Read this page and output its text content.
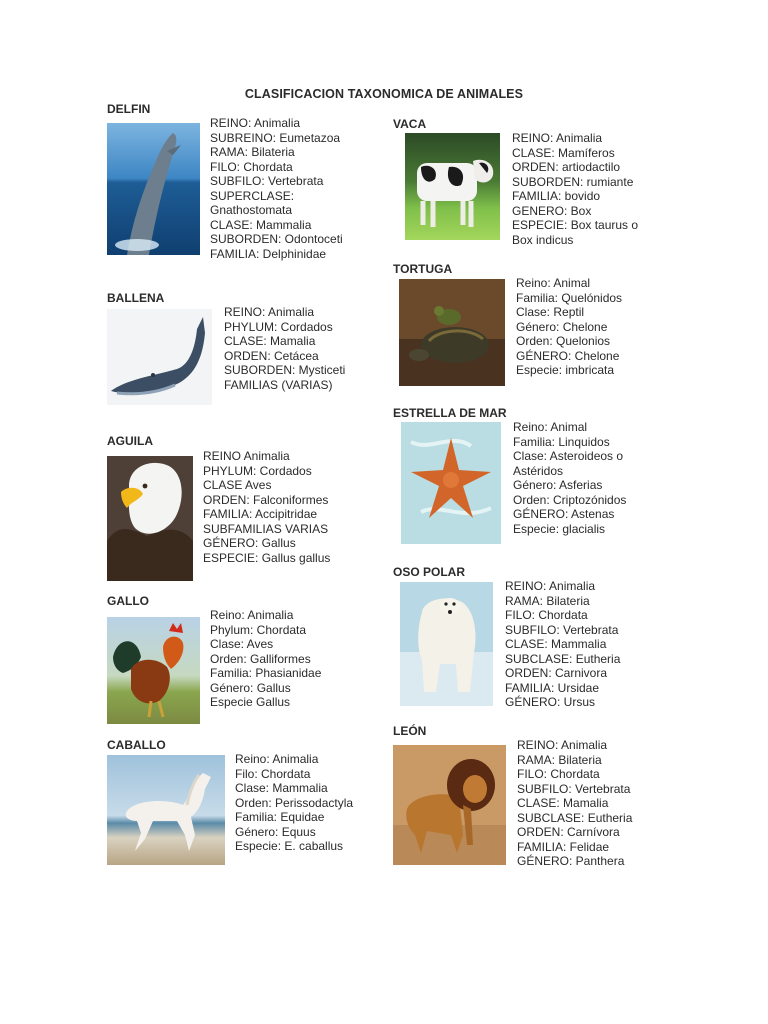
CLASIFICACION TAXONOMICA DE ANIMALES
DELFIN
REINO: Animalia
SUBREINO: Eumetazoa
RAMA: Bilateria
FILO: Chordata
SUBFILO: Vertebrata
SUPERCLASE:
Gnathostomata
CLASE: Mammalia
SUBORDEN: Odontoceti
FAMILIA: Delphinidae
BALLENA
REINO: Animalia
PHYLUM: Cordados
CLASE: Mamalia
ORDEN: Cetácea
SUBORDEN: Mysticeti
FAMILIAS (VARIAS)
AGUILA
REINO Animalia
PHYLUM: Cordados
CLASE Aves
ORDEN: Falconiformes
FAMILIA: Accipitridae
SUBFAMILIAS VARIAS
GÉNERO: Gallus
ESPECIE: Gallus gallus
GALLO
Reino: Animalia
Phylum: Chordata
Clase: Aves
Orden: Galliformes
Familia: Phasianidae
Género: Gallus
Especie Gallus
CABALLO
Reino: Animalia
Filo: Chordata
Clase: Mammalia
Orden: Perissodactyla
Familia: Equidae
Género: Equus
Especie: E. caballus
VACA
REINO: Animalia
CLASE: Mamíferos
ORDEN: artiodactilo
SUBORDEN: rumiante
FAMILIA: bovido
GENERO: Box
ESPECIE: Box taurus o
Box indicus
TORTUGA
Reino: Animal
Familia: Quelónidos
Clase: Reptil
Género: Chelone
Orden: Quelonios
GÉNERO: Chelone
Especie: imbricata
ESTRELLA DE MAR
Reino: Animal
Familia: Linquidos
Clase: Asteroideos o
Astéridos
Género: Asferias
Orden: Criptozónidos
GÉNERO: Astenas
Especie: glacialis
OSO POLAR
REINO: Animalia
RAMA: Bilateria
FILO: Chordata
SUBFILO: Vertebrata
CLASE: Mammalia
SUBCLASE: Eutheria
ORDEN: Carnivora
FAMILIA: Ursidae
GÉNERO: Ursus
LEÓN
REINO: Animalia
RAMA: Bilateria
FILO: Chordata
SUBFILO: Vertebrata
CLASE: Mamalia
SUBCLASE: Eutheria
ORDEN: Carnívora
FAMILIA: Felidae
GÉNERO: Panthera
